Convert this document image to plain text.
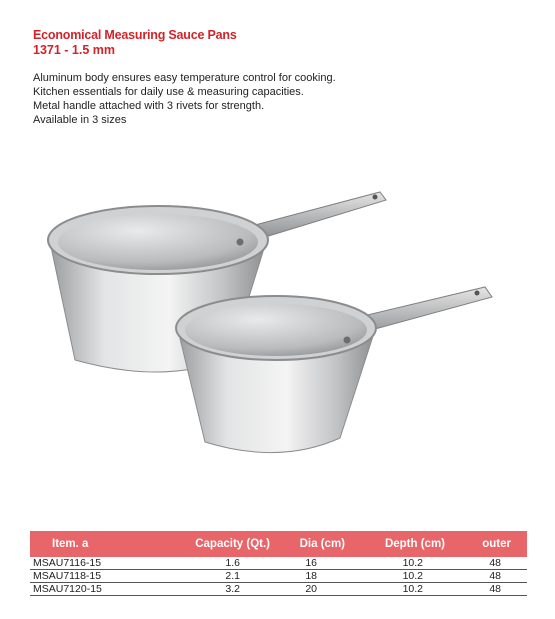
Economical Measuring Sauce Pans
1371 - 1.5 mm
Aluminum body ensures easy temperature control for cooking.
Kitchen essentials for daily use & measuring capacities.
Metal handle attached with 3 rivets for strength.
Available in 3 sizes
Item. a	Capacity (Qt.)	Dia (cm)	Depth (cm)	outer
MSAU7116-15	1.6	16	10.2	48
MSAU7118-15	2.1	18	10.2	48
MSAU7120-15	3.2	20	10.2	48
